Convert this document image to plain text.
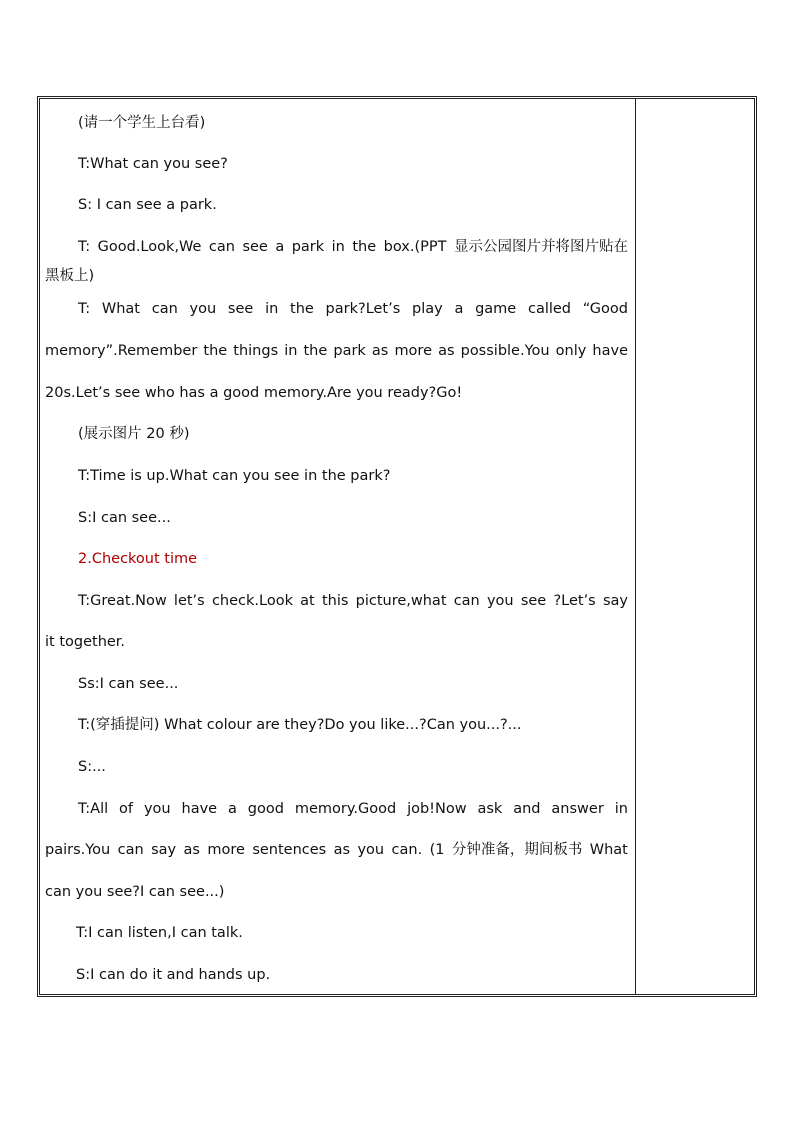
(请一个学生上台看)
T:What can you see?
S: I can see a park.
T: Good.Look,We can see a park in the box.(PPT 显示公园图片并将图片贴在
黑板上)
T: What can you see in the park?Let’s play a game called “Good
memory”.Remember the things in the park as more as possible.You only have
20s.Let’s see who has a good memory.Are you ready?Go!
(展示图片 20 秒)
T:Time is up.What can you see in the park?
S:I can see...
2.Checkout time
T:Great.Now let’s check.Look at this picture,what can you see ?Let’s say
it together.
Ss:I can see...
T:(穿插提问) What colour are they?Do you like...?Can you...?...
S:...
T:All of you have a good memory.Good job!Now ask and answer in
pairs.You can say as more sentences as you can. (1 分钟准备，期间板书 What
can you see?I can see...)
T:I can listen,I can talk.
S:I can do it and hands up.
